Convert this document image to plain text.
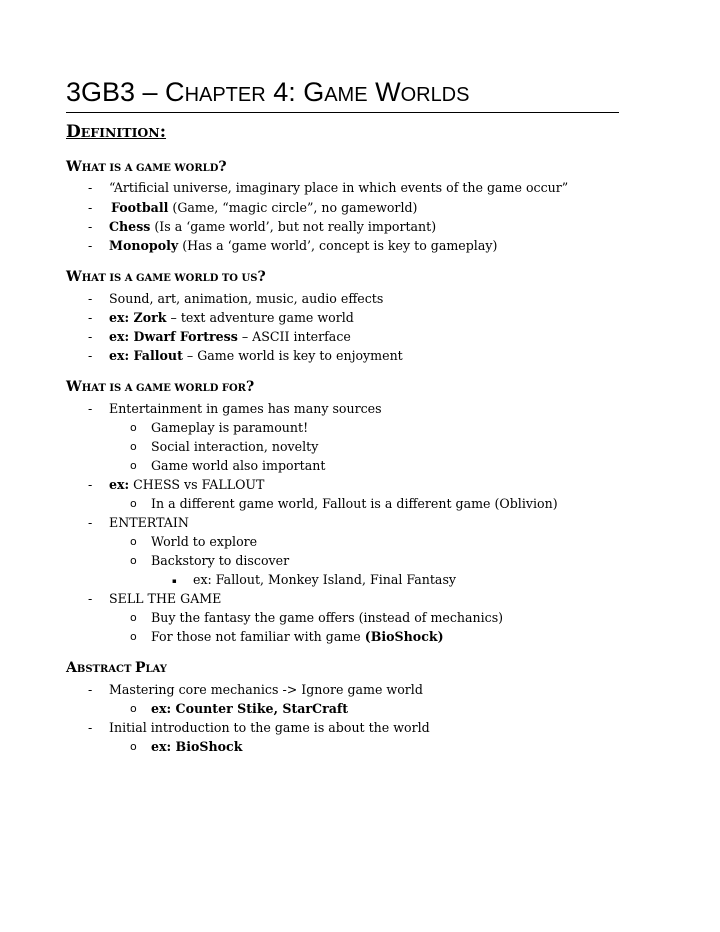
3GB3 – CHAPTER 4: GAME WORLDS
DEFINITION:
WHAT IS A GAME WORLD?
- “Artificial universe, imaginary place in which events of the game occur”
- Football (Game, “magic circle”, no gameworld)
- Chess (Is a ‘game world’, but not really important)
- Monopoly (Has a ‘game world’, concept is key to gameplay)
WHAT IS A GAME WORLD TO US?
- Sound, art, animation, music, audio effects
- ex: Zork – text adventure game world
- ex: Dwarf Fortress – ASCII interface
- ex: Fallout – Game world is key to enjoyment
WHAT IS A GAME WORLD FOR?
- Entertainment in games has many sources
o Gameplay is paramount!
o Social interaction, novelty
o Game world also important
- ex: CHESS vs FALLOUT
o In a different game world, Fallout is a different game (Oblivion)
- ENTERTAIN
o World to explore
o Backstory to discover
▪ ex: Fallout, Monkey Island, Final Fantasy
- SELL THE GAME
o Buy the fantasy the game offers (instead of mechanics)
o For those not familiar with game (BioShock)
ABSTRACT PLAY
- Mastering core mechanics -> Ignore game world
o ex: Counter Stike, StarCraft
- Initial introduction to the game is about the world
o ex: BioShock
